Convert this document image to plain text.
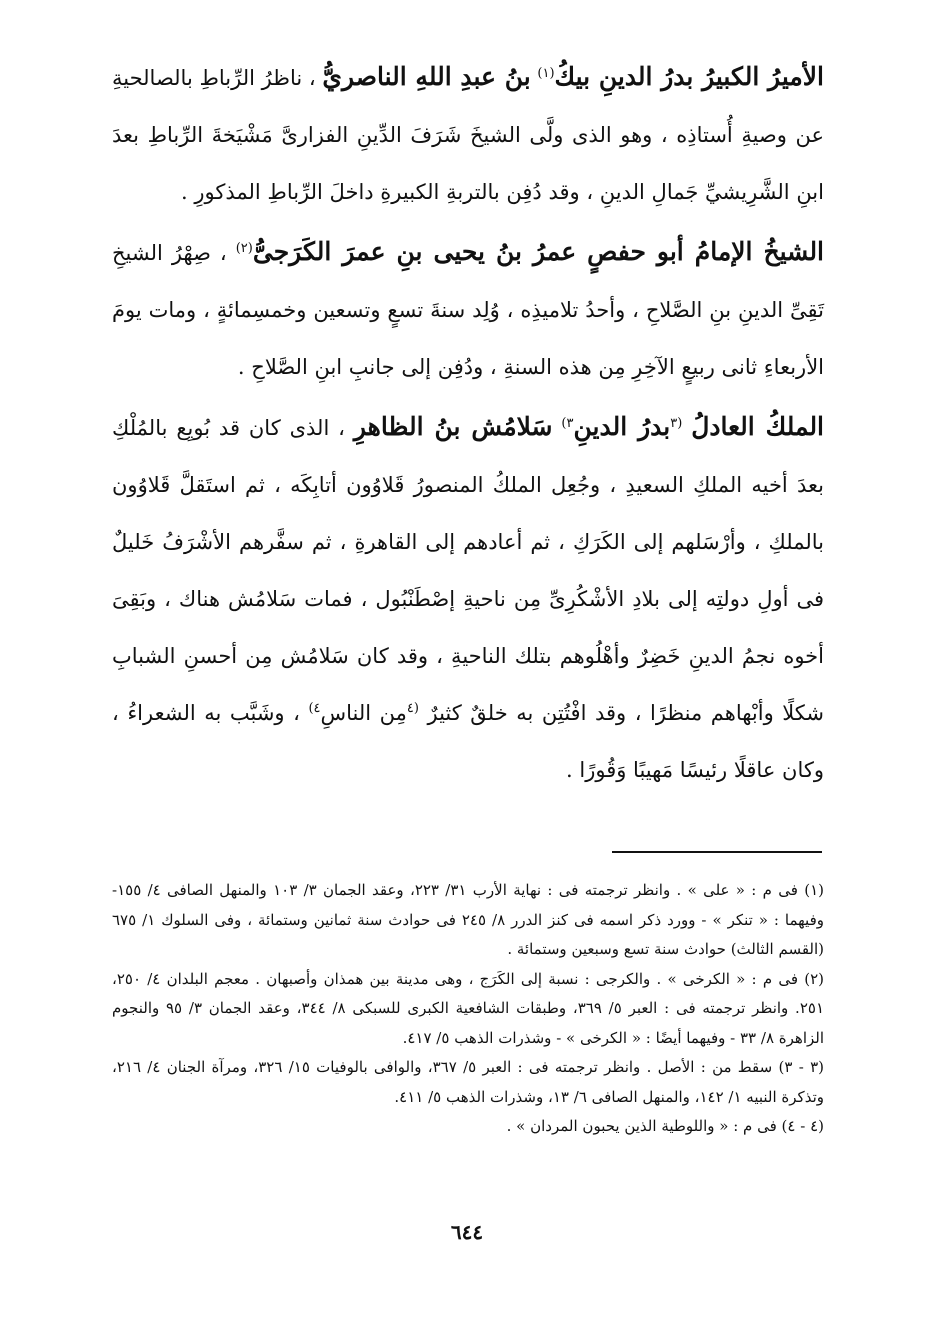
الأميرُ الكبيرُ بدرُ الدينِ بيكُ$^{(١)}$ بنُ عبدِ اللهِ الناصريُّ ، ناظرُ الرِّباطِ بالصالحيةِ عن وصيةِ أُستاذِه ، وهو الذى ولَّى الشيخَ شَرَفَ الدِّينِ الفزارىَّ مَشْيَخةَ الرِّباطِ بعدَ ابنِ الشَّرِيشيِّ جَمالِ الدينِ ، وقد دُفِن بالتربةِ الكبيرةِ داخلَ الرِّباطِ المذكورِ .

الشيخُ الإمامُ أبو حفصٍ عمرُ بنُ يحيى بنِ عمرَ الكَرَجىُّ$^{(٢)}$ ، صِهْرُ الشيخِ تَقِىِّ الدينِ بنِ الصَّلاحِ ، وأحدُ تلاميذِه ، وُلِد سنةَ تسعٍ وتسعين وخمسِمائةٍ ، ومات يومَ الأربعاءِ ثانى ربيعٍ الآخِرِ مِن هذه السنةِ ، ودُفِن إلى جانبِ ابنِ الصَّلاحِ .

الملكُ العادلُ $^{(٣}$بدرُ الدينِ$^{٣)}$ سَلامُش بنُ الظاهرِ ، الذى كان قد بُويِع بالمُلْكِ بعدَ أخيه الملكِ السعيدِ ، وجُعِل الملكُ المنصورُ قَلاوُون أتابِكَه ، ثم استَقلَّ قَلاوُون بالملكِ ، وأرْسَلهم إلى الكَرَكِ ، ثم أعادهم إلى القاهرةِ ، ثم سفَّرهم الأشْرَفُ خَليلٌ فى أولِ دولتِه إلى بلادِ الأشْكُرِىِّ مِن ناحيةِ إصْطَنْبُول ، فمات سَلامُش هناك ، وبَقِىَ أخوه نجمُ الدينِ خَضِرٌ وأهْلُوهم بتلك الناحيةِ ، وقد كان سَلامُش مِن أحسنِ الشبابِ شكلًا وأبْهاهم منظرًا ، وقد افْتُتِن به خلقٌ كثيرٌ $^{(٤}$مِن الناسِ$^{٤)}$ ، وشَبَّب به الشعراءُ ، وكان عاقلًا رئيسًا مَهيبًا وَقُورًا .

(١) فى م : « على » . وانظر ترجمته فى : نهاية الأرب ٣١/ ٢٢٣، وعقد الجمان ٣/ ١٠٣ والمنهل الصافى ٤/ ١٥٥- وفيهما : « تنكر » - وورد ذكر اسمه فى كنز الدرر ٨/ ٢٤٥ فى حوادث سنة ثمانين وستمائة ، وفى السلوك ١/ ٦٧٥ (القسم الثالث) حوادث سنة تسع وسبعين وستمائة .

(٢) فى م : « الكرخى » . والكرجى : نسبة إلى الكَرَج ، وهى مدينة بين همذان وأصبهان . معجم البلدان ٤/ ٢٥٠، ٢٥١. وانظر ترجمته فى : العبر ٥/ ٣٦٩، وطبقات الشافعية الكبرى للسبكى ٨/ ٣٤٤، وعقد الجمان ٣/ ٩٥ والنجوم الزاهرة ٨/ ٣٣ - وفيهما أيضًا : « الكرخى » - وشذرات الذهب ٥/ ٤١٧.

(٣ - ٣) سقط من : الأصل . وانظر ترجمته فى : العبر ٥/ ٣٦٧، والوافى بالوفيات ١٥/ ٣٢٦، ومرآة الجنان ٤/ ٢١٦، وتذكرة النبيه ١/ ١٤٢، والمنهل الصافى ٦/ ١٣، وشذرات الذهب ٥/ ٤١١.

(٤ - ٤) فى م : « واللوطية الذين يحبون المردان » .

٦٤٤
